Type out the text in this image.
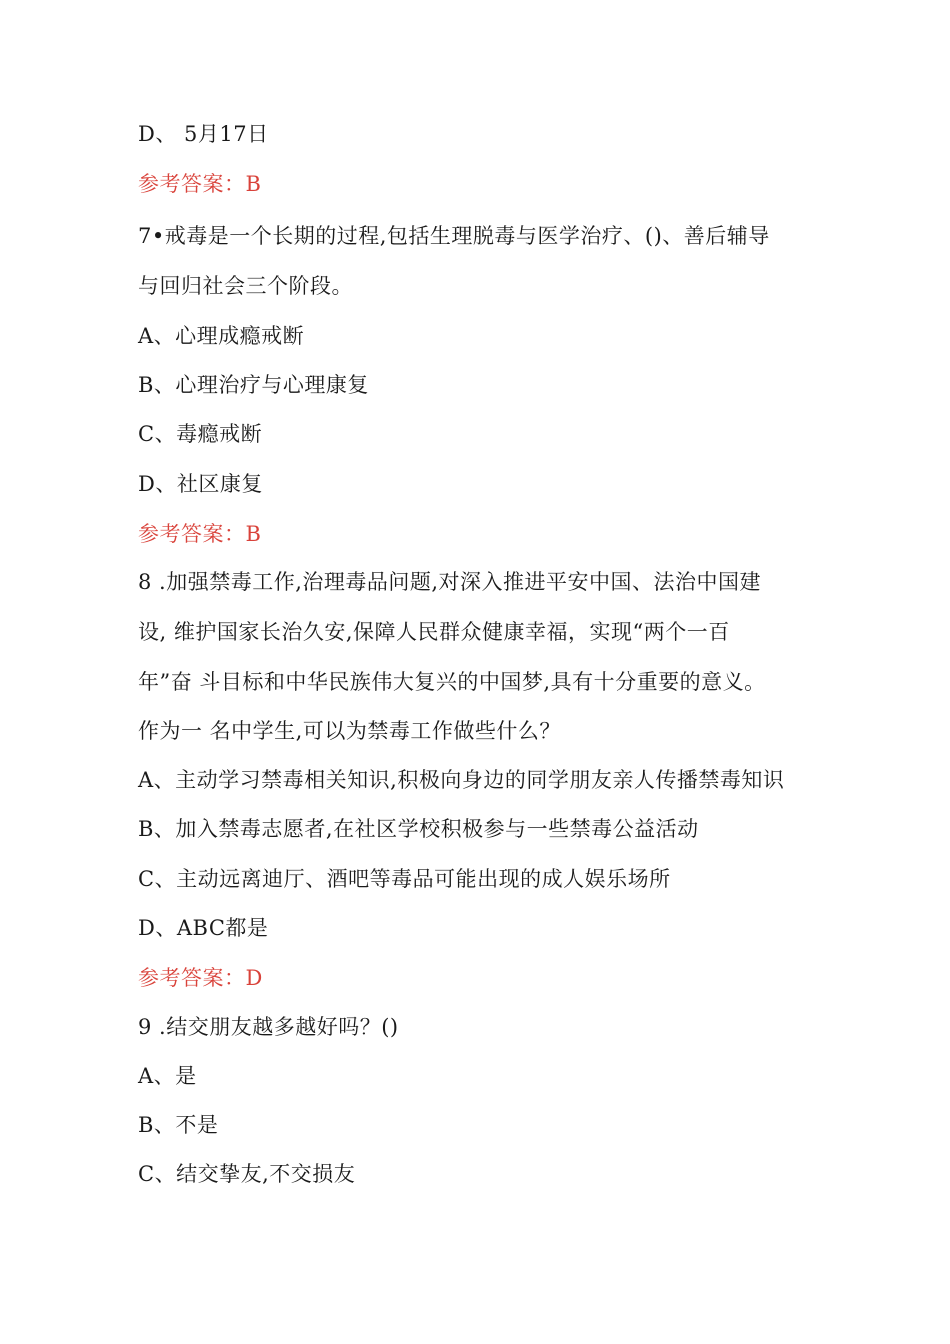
D、 5月17日
参考答案：B
7•戒毒是一个长期的过程,包括生理脱毒与医学治疗、()、善后辅导
与回归社会三个阶段。
A、心理成瘾戒断
B、心理治疗与心理康复
C、毒瘾戒断
D、社区康复
参考答案：B
8 .加强禁毒工作,治理毒品问题,对深入推进平安中国、法治中国建
设, 维护国家长治久安,保障人民群众健康幸福，实现“两个一百
年”奋 斗目标和中华民族伟大复兴的中国梦,具有十分重要的意义。
作为一 名中学生,可以为禁毒工作做些什么？
A、主动学习禁毒相关知识,积极向身边的同学朋友亲人传播禁毒知识
B、加入禁毒志愿者,在社区学校积极参与一些禁毒公益活动
C、主动远离迪厅、酒吧等毒品可能出现的成人娱乐场所
D、ABC都是
参考答案：D
9 .结交朋友越多越好吗？()
A、是
B、不是
C、结交挚友,不交损友
